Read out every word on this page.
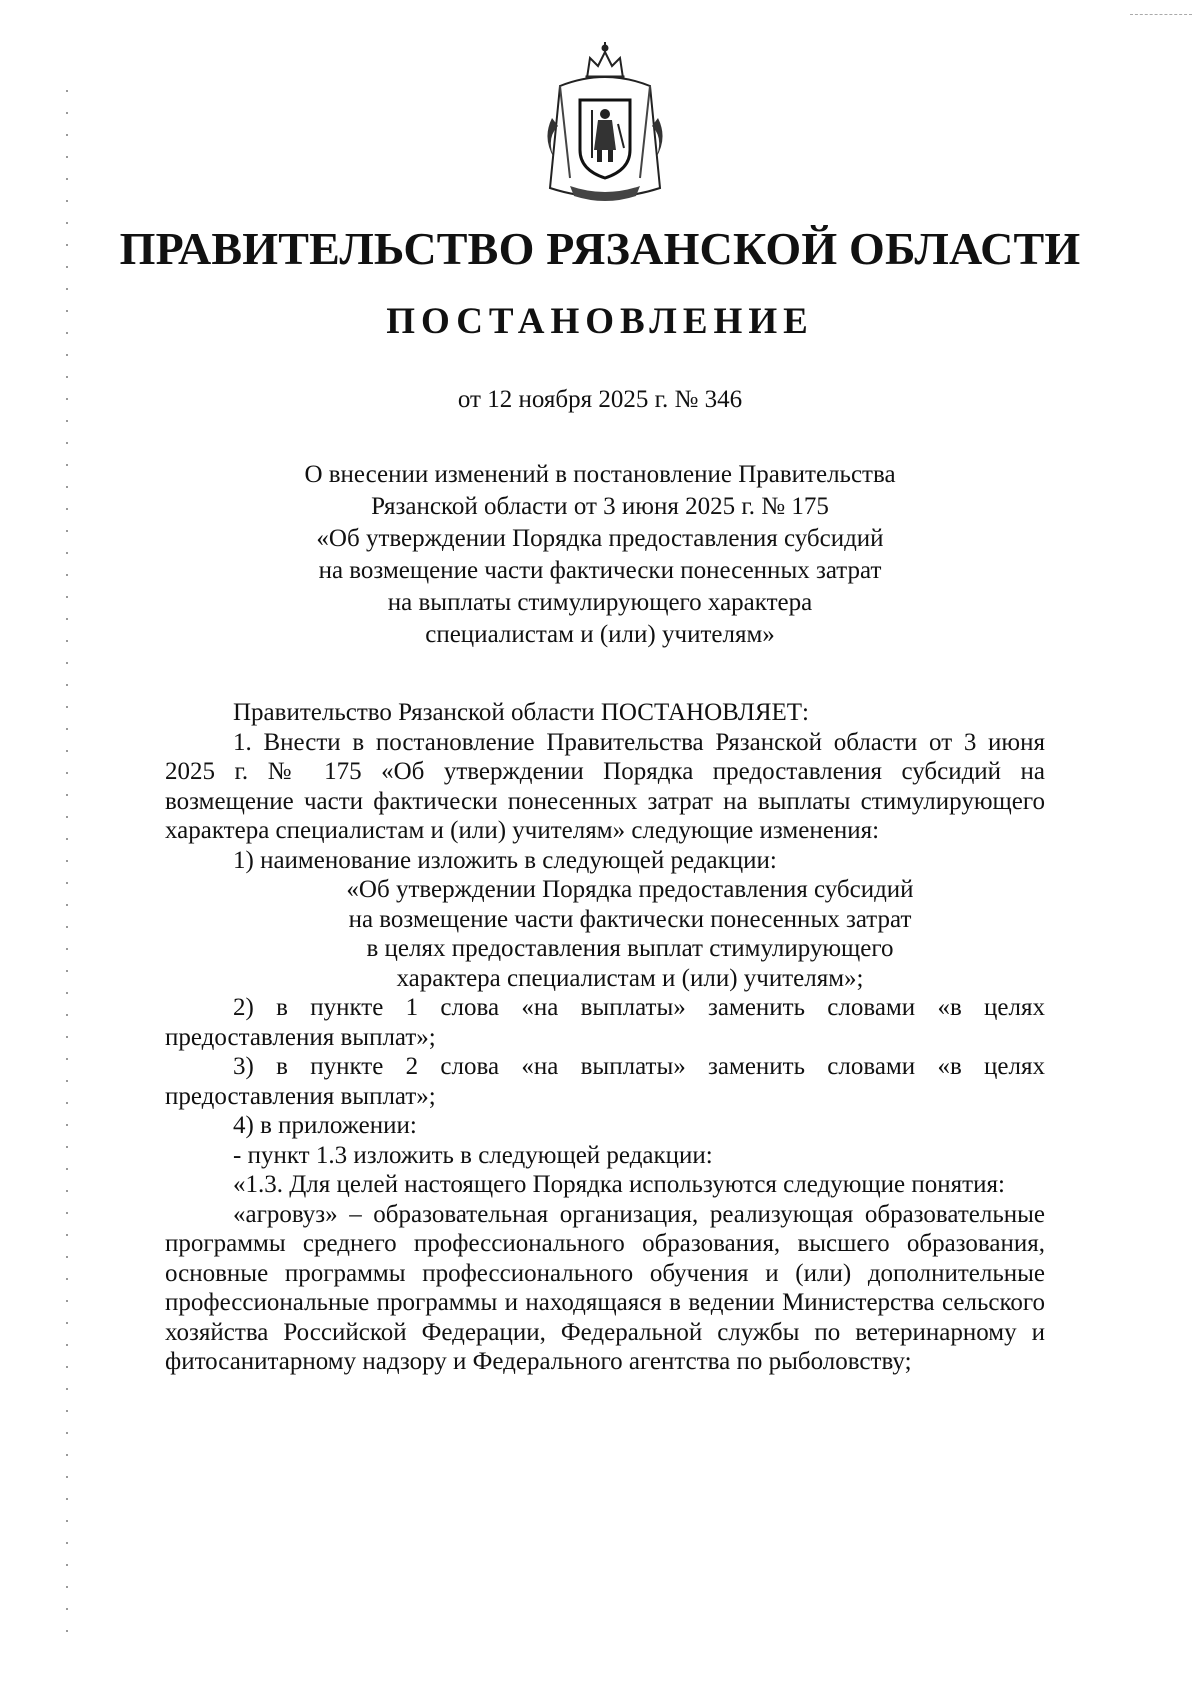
ПРАВИТЕЛЬСТВО РЯЗАНСКОЙ ОБЛАСТИ
ПОСТАНОВЛЕНИЕ
от 12 ноября 2025 г. № 346
О внесении изменений в постановление Правительства
Рязанской области от 3 июня 2025 г. № 175
«Об утверждении Порядка предоставления субсидий
на возмещение части фактически понесенных затрат
на выплаты стимулирующего характера
специалистам и (или) учителям»

Правительство Рязанской области ПОСТАНОВЛЯЕТ:

1. Внести в постановление Правительства Рязанской области от 3 июня 2025 г. № 175 «Об утверждении Порядка предоставления субсидий на возмещение части фактически понесенных затрат на выплаты стимулирующего характера специалистам и (или) учителям» следующие изменения:

1) наименование изложить в следующей редакции:

«Об утверждении Порядка предоставления субсидий
на возмещение части фактически понесенных затрат
в целях предоставления выплат стимулирующего
характера специалистам и (или) учителям»;

2) в пункте 1 слова «на выплаты» заменить словами «в целях предоставления выплат»;

3) в пункте 2 слова «на выплаты» заменить словами «в целях предоставления выплат»;

4) в приложении:

- пункт 1.3 изложить в следующей редакции:

«1.3. Для целей настоящего Порядка используются следующие понятия:

«агровуз» – образовательная организация, реализующая образовательные программы среднего профессионального образования, высшего образования, основные программы профессионального обучения и (или) дополнительные профессиональные программы и находящаяся в ведении Министерства сельского хозяйства Российской Федерации, Федеральной службы по ветеринарному и фитосанитарному надзору и Федерального агентства по рыболовству;
